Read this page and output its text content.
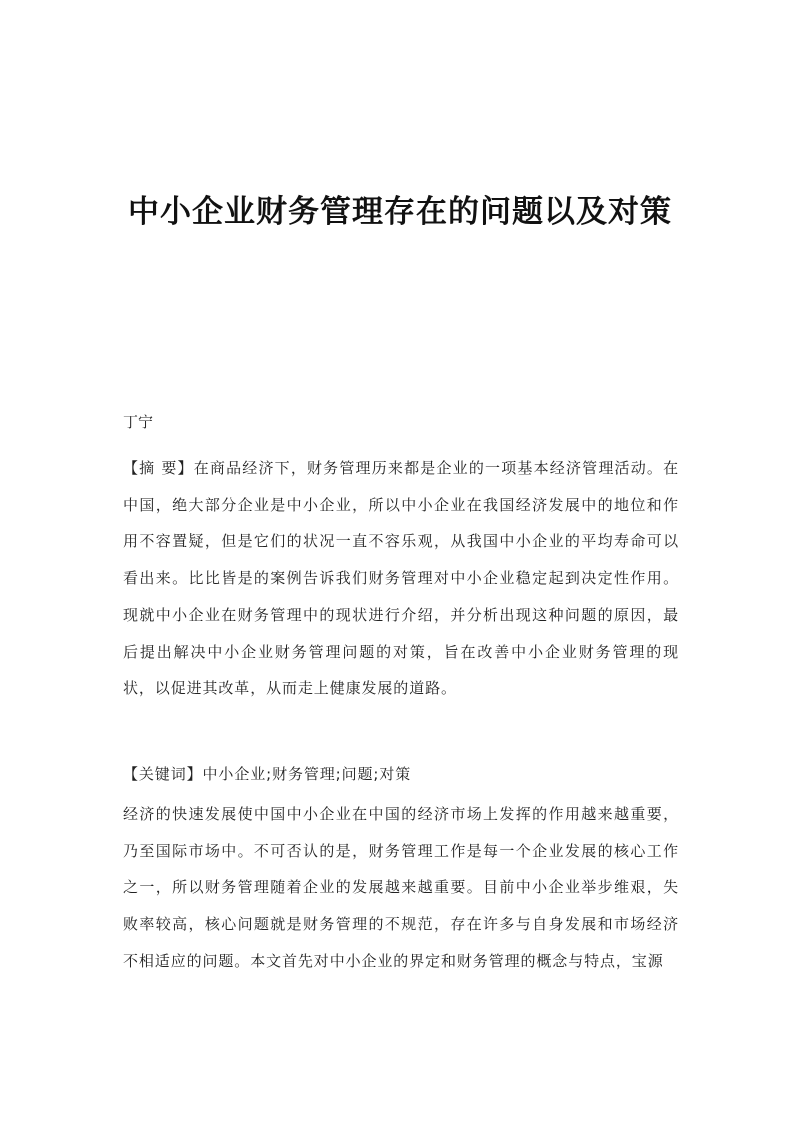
中小企业财务管理存在的问题以及对策
丁宁

【摘 要】在商品经济下，财务管理历来都是企业的一项基本经济管理活动。在中国，绝大部分企业是中小企业，所以中小企业在我国经济发展中的地位和作用不容置疑，但是它们的状况一直不容乐观，从我国中小企业的平均寿命可以看出来。比比皆是的案例告诉我们财务管理对中小企业稳定起到决定性作用。现就中小企业在财务管理中的现状进行介绍，并分析出现这种问题的原因，最后提出解决中小企业财务管理问题的对策，旨在改善中小企业财务管理的现状，以促进其改革，从而走上健康发展的道路。

【关键词】中小企业;财务管理;问题;对策

经济的快速发展使中国中小企业在中国的经济市场上发挥的作用越来越重要，乃至国际市场中。不可否认的是，财务管理工作是每一个企业发展的核心工作之一，所以财务管理随着企业的发展越来越重要。目前中小企业举步维艰，失败率较高，核心问题就是财务管理的不规范，存在许多与自身发展和市场经济不相适应的问题。本文首先对中小企业的界定和财务管理的概念与特点，宝源
